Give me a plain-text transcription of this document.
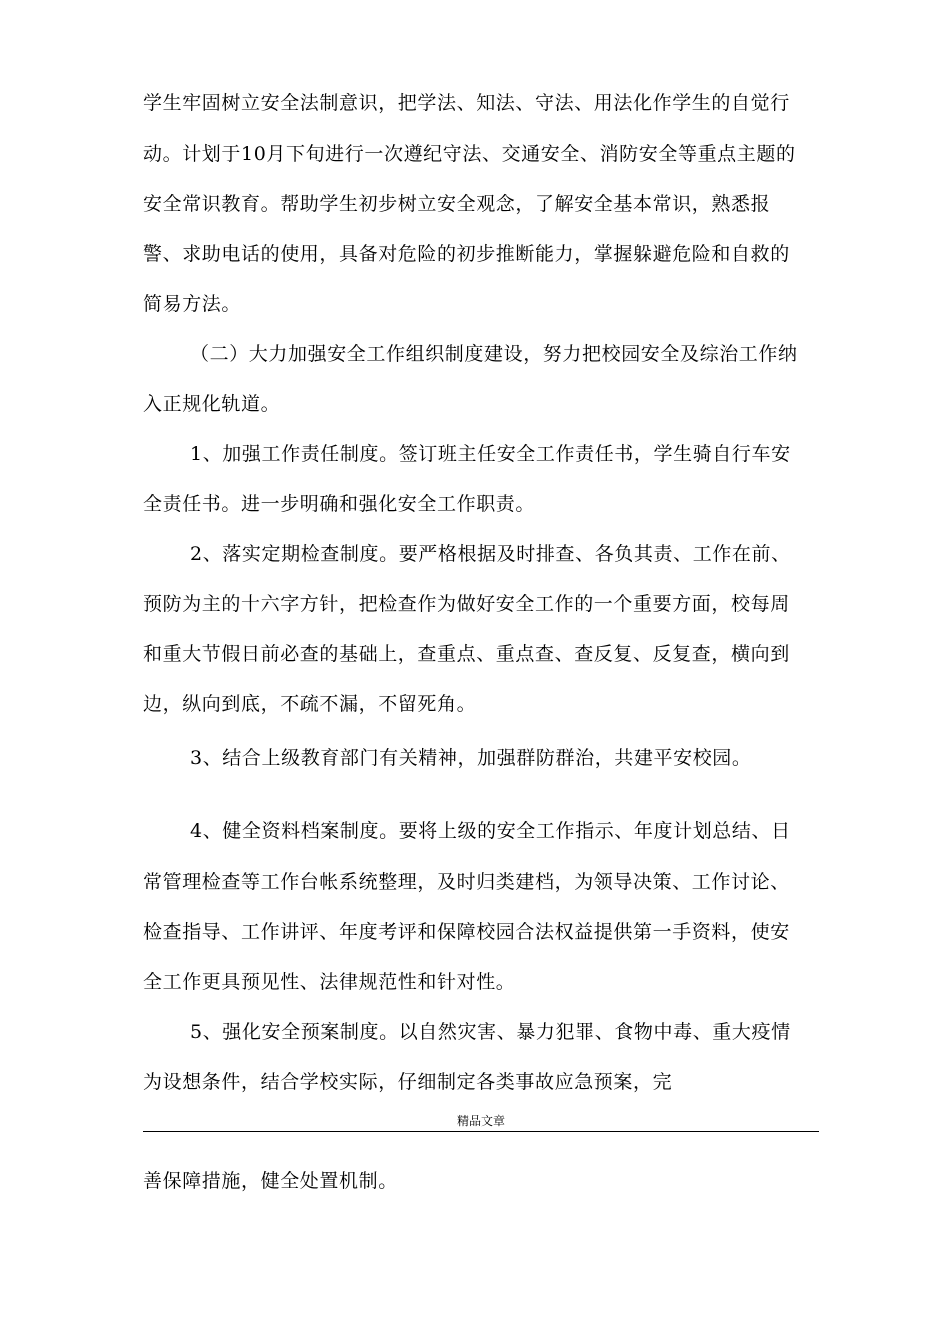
学生牢固树立安全法制意识，把学法、知法、守法、用法化作学生的自觉行
动。计划于10月下旬进行一次遵纪守法、交通安全、消防安全等重点主题的
安全常识教育。帮助学生初步树立安全观念，了解安全基本常识，熟悉报
警、求助电话的使用，具备对危险的初步推断能力，掌握躲避危险和自救的
简易方法。
（二）大力加强安全工作组织制度建设，努力把校园安全及综治工作纳
入正规化轨道。
1、加强工作责任制度。签订班主任安全工作责任书，学生骑自行车安
全责任书。进一步明确和强化安全工作职责。
2、落实定期检查制度。要严格根据及时排查、各负其责、工作在前、
预防为主的十六字方针，把检查作为做好安全工作的一个重要方面，校每周
和重大节假日前必查的基础上，查重点、重点查、查反复、反复查，横向到
边，纵向到底，不疏不漏，不留死角。
3、结合上级教育部门有关精神，加强群防群治，共建平安校园。
4、健全资料档案制度。要将上级的安全工作指示、年度计划总结、日
常管理检查等工作台帐系统整理，及时归类建档，为领导决策、工作讨论、
检查指导、工作讲评、年度考评和保障校园合法权益提供第一手资料，使安
全工作更具预见性、法律规范性和针对性。
5、强化安全预案制度。以自然灾害、暴力犯罪、食物中毒、重大疫情
为设想条件，结合学校实际，仔细制定各类事故应急预案，完
精品文章
善保障措施，健全处置机制。
